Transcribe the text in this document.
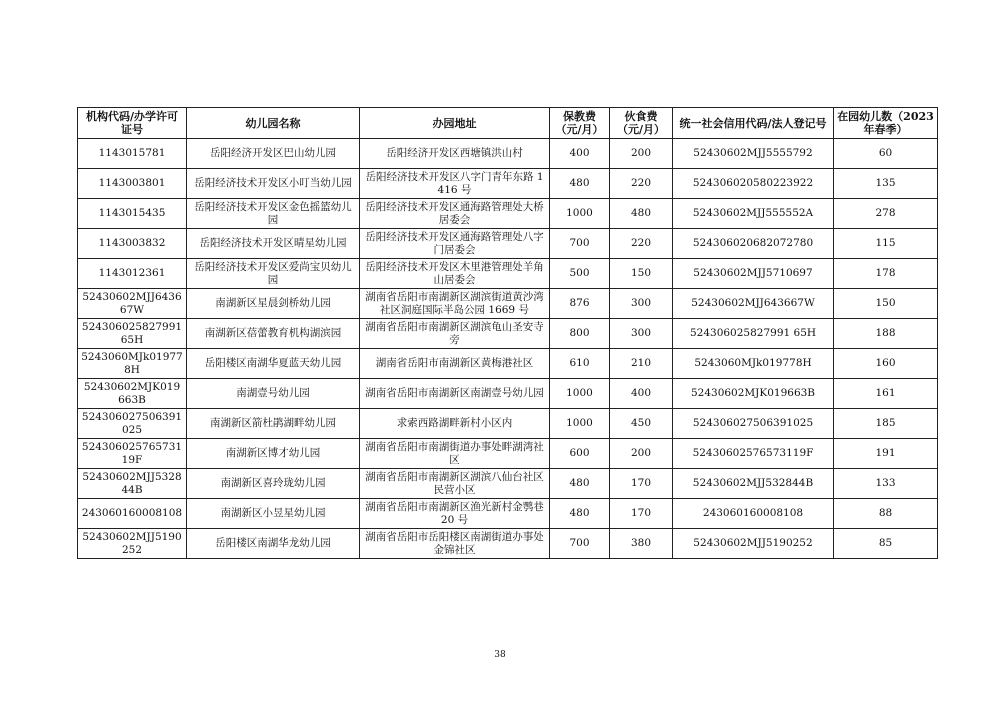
机构代码/办学许可证号	幼儿园名称	办园地址	保教费（元/月）	伙食费（元/月）	统一社会信用代码/法人登记号	在园幼儿数（2023 年春季）
1143015781	岳阳经济开发区巴山幼儿园	岳阳经济开发区西塘镇洪山村	400	200	52430602MJJ5555792	60
1143003801	岳阳经济技术开发区小叮当幼儿园	岳阳经济技术开发区八字门青年东路 1416 号	480	220	524306020580223922	135
1143015435	岳阳经济技术开发区金色摇篮幼儿园	岳阳经济技术开发区通海路管理处大桥居委会	1000	480	52430602MJJ555552A	278
1143003832	岳阳经济技术开发区晴星幼儿园	岳阳经济技术开发区通海路管理处八字门居委会	700	220	524306020682072780	115
1143012361	岳阳经济技术开发区爱尚宝贝幼儿园	岳阳经济技术开发区木里港管理处羊角山居委会	500	150	52430602MJJ5710697	178
52430602MJJ643667W	南湖新区星晨剑桥幼儿园	湖南省岳阳市南湖新区湖滨街道黄沙湾社区洞庭国际半岛公园 1669 号	876	300	52430602MJJ643667W	150
524306025827991 65H	南湖新区蓓蕾教育机构湖滨园	湖南省岳阳市南湖新区湖滨龟山圣安寺旁	800	300	524306025827991 65H	188
5243060MJk019778H	岳阳楼区南湖华夏蓝天幼儿园	湖南省岳阳市南湖新区黄梅港社区	610	210	5243060MJk019778H	160
52430602MJK019663B	南湖壹号幼儿园	湖南省岳阳市南湖新区南湖壹号幼儿园	1000	400	52430602MJK019663B	161
524306027506391025	南湖新区箭杜鹃湖畔幼儿园	求索西路湖畔新村小区内	1000	450	524306027506391025	185
52430602576573119F	南湖新区博才幼儿园	湖南省岳阳市南湖街道办事处畔湖湾社区	600	200	52430602576573119F	191
52430602MJJ532844B	南湖新区喜玲珑幼儿园	湖南省岳阳市南湖新区湖滨八仙台社区民营小区	480	170	52430602MJJ532844B	133
243060160008108	南湖新区小昱星幼儿园	湖南省岳阳市南湖新区渔光新村金鹗巷 20 号	480	170	243060160008108	88
52430602MJJ5190252	岳阳楼区南湖华龙幼儿园	湖南省岳阳市岳阳楼区南湖街道办事处金锦社区	700	380	52430602MJJ5190252	85
38
